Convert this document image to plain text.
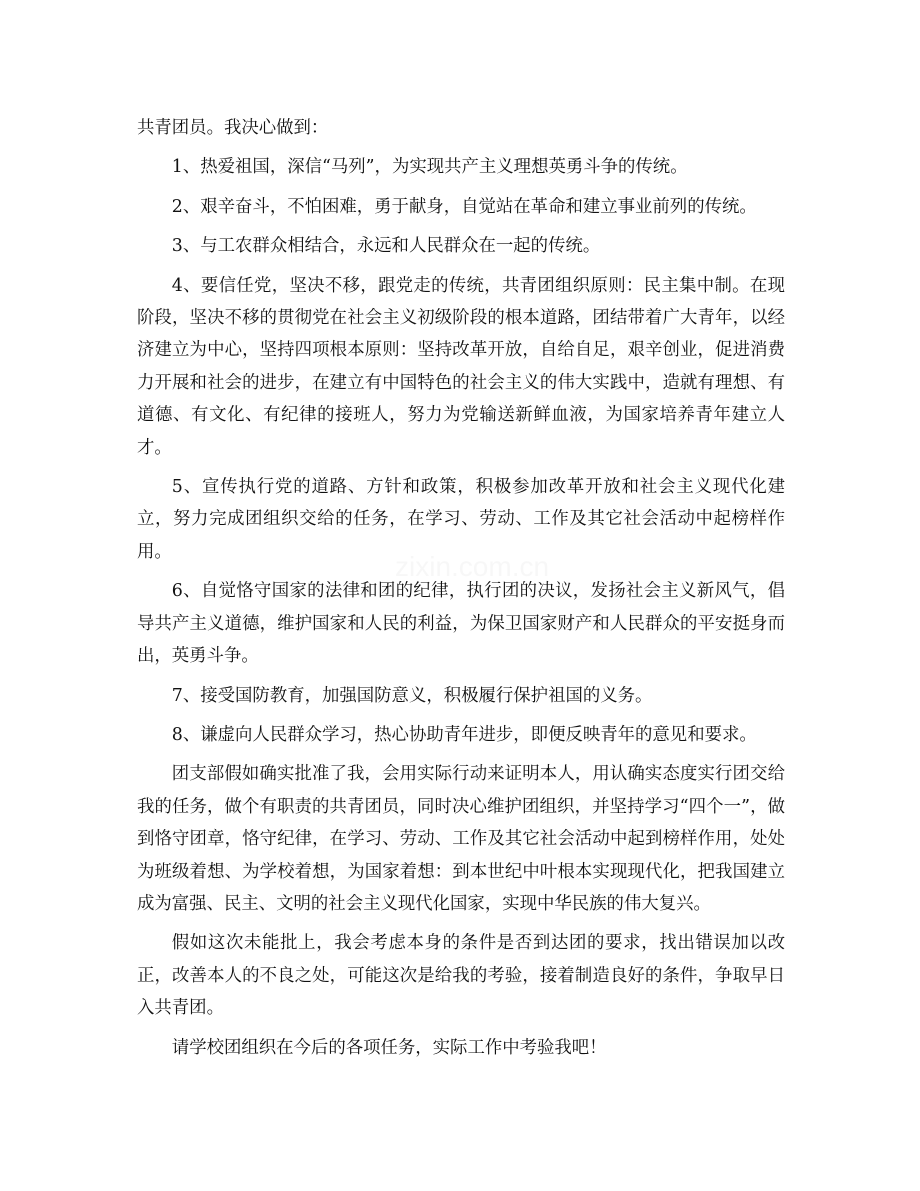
zixin.com.cn

共青团员。我决心做到：

1、热爱祖国，深信“马列”，为实现共产主义理想英勇斗争的传统。

2、艰辛奋斗，不怕困难，勇于献身，自觉站在革命和建立事业前列的传统。

3、与工农群众相结合，永远和人民群众在一起的传统。

4、要信任党，坚决不移，跟党走的传统，共青团组织原则：民主集中制。在现阶段，坚决不移的贯彻党在社会主义初级阶段的根本道路，团结带着广大青年，以经济建立为中心，坚持四项根本原则：坚持改革开放，自给自足，艰辛创业，促进消费力开展和社会的进步，在建立有中国特色的社会主义的伟大实践中，造就有理想、有道德、有文化、有纪律的接班人，努力为党输送新鲜血液，为国家培养青年建立人才。

5、宣传执行党的道路、方针和政策，积极参加改革开放和社会主义现代化建立，努力完成团组织交给的任务，在学习、劳动、工作及其它社会活动中起榜样作用。

6、自觉恪守国家的法律和团的纪律，执行团的决议，发扬社会主义新风气，倡导共产主义道德，维护国家和人民的利益，为保卫国家财产和人民群众的平安挺身而出，英勇斗争。

7、接受国防教育，加强国防意义，积极履行保护祖国的义务。

8、谦虚向人民群众学习，热心协助青年进步，即便反映青年的意见和要求。

团支部假如确实批准了我，会用实际行动来证明本人，用认确实态度实行团交给我的任务，做个有职责的共青团员，同时决心维护团组织，并坚持学习“四个一”，做到恪守团章，恪守纪律，在学习、劳动、工作及其它社会活动中起到榜样作用，处处为班级着想、为学校着想，为国家着想：到本世纪中叶根本实现现代化，把我国建立成为富强、民主、文明的社会主义现代化国家，实现中华民族的伟大复兴。

假如这次未能批上，我会考虑本身的条件是否到达团的要求，找出错误加以改正，改善本人的不良之处，可能这次是给我的考验，接着制造良好的条件，争取早日入共青团。

请学校团组织在今后的各项任务，实际工作中考验我吧！
